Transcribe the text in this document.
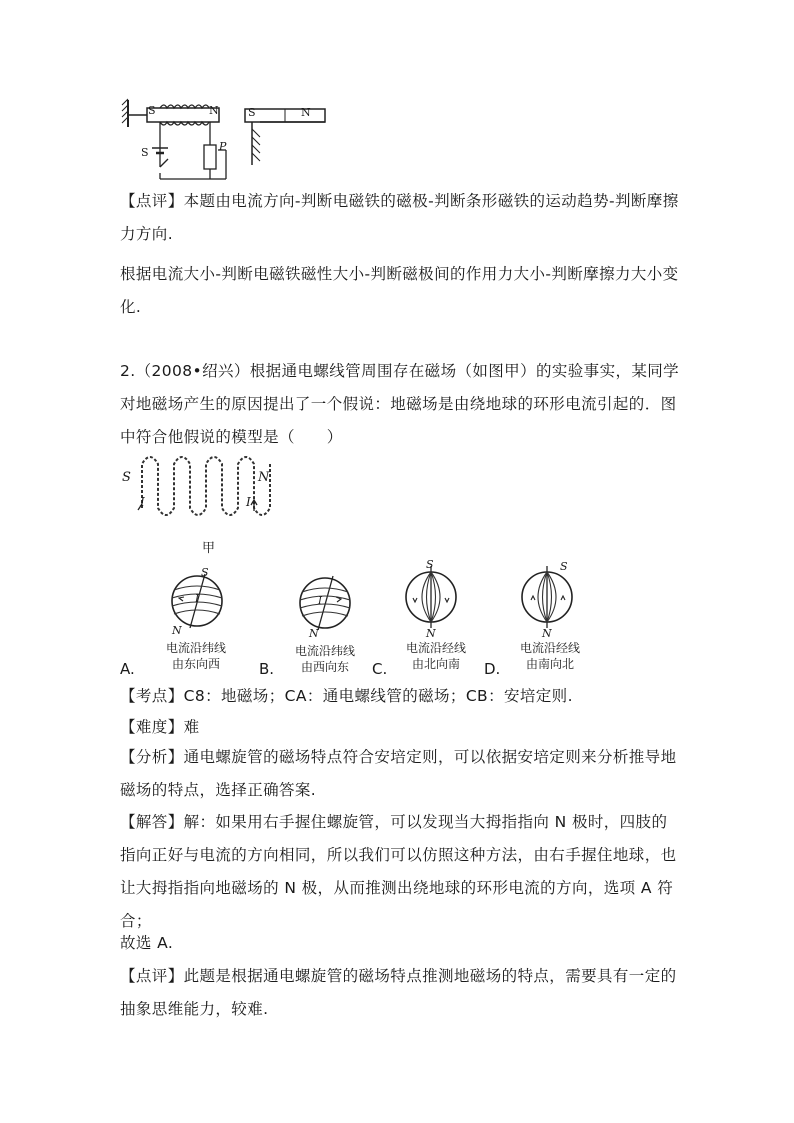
S	N
S	P
S	N
【点评】本题由电流方向-判断电磁铁的磁极-判断条形磁铁的运动趋势-判断摩擦力方向.
根据电流大小-判断电磁铁磁性大小-判断磁极间的作用力大小-判断摩擦力大小变化.
2.（2008•绍兴）根据通电螺线管周围存在磁场（如图甲）的实验事实，某同学对地磁场产生的原因提出了一个假说：地磁场是由绕地球的环形电流引起的．图中符合他假说的模型是（　　）
S	N
I	I
甲
S
N
I
N
I
S
N
S
N
A.
电流沿纬线
由东向西	B.
电流沿纬线
由西向东	C.
电流沿经线
由北向南	D.
电流沿经线
由南向北
【考点】C8：地磁场；CA：通电螺线管的磁场；CB：安培定则.
【难度】难
【分析】通电螺旋管的磁场特点符合安培定则，可以依据安培定则来分析推导地磁场的特点，选择正确答案.
【解答】解：如果用右手握住螺旋管，可以发现当大拇指指向 N 极时，四肢的指向正好与电流的方向相同，所以我们可以仿照这种方法，由右手握住地球，也让大拇指指向地磁场的 N 极，从而推测出绕地球的环形电流的方向，选项 A 符合；
故选 A.
【点评】此题是根据通电螺旋管的磁场特点推测地磁场的特点，需要具有一定的抽象思维能力，较难.
